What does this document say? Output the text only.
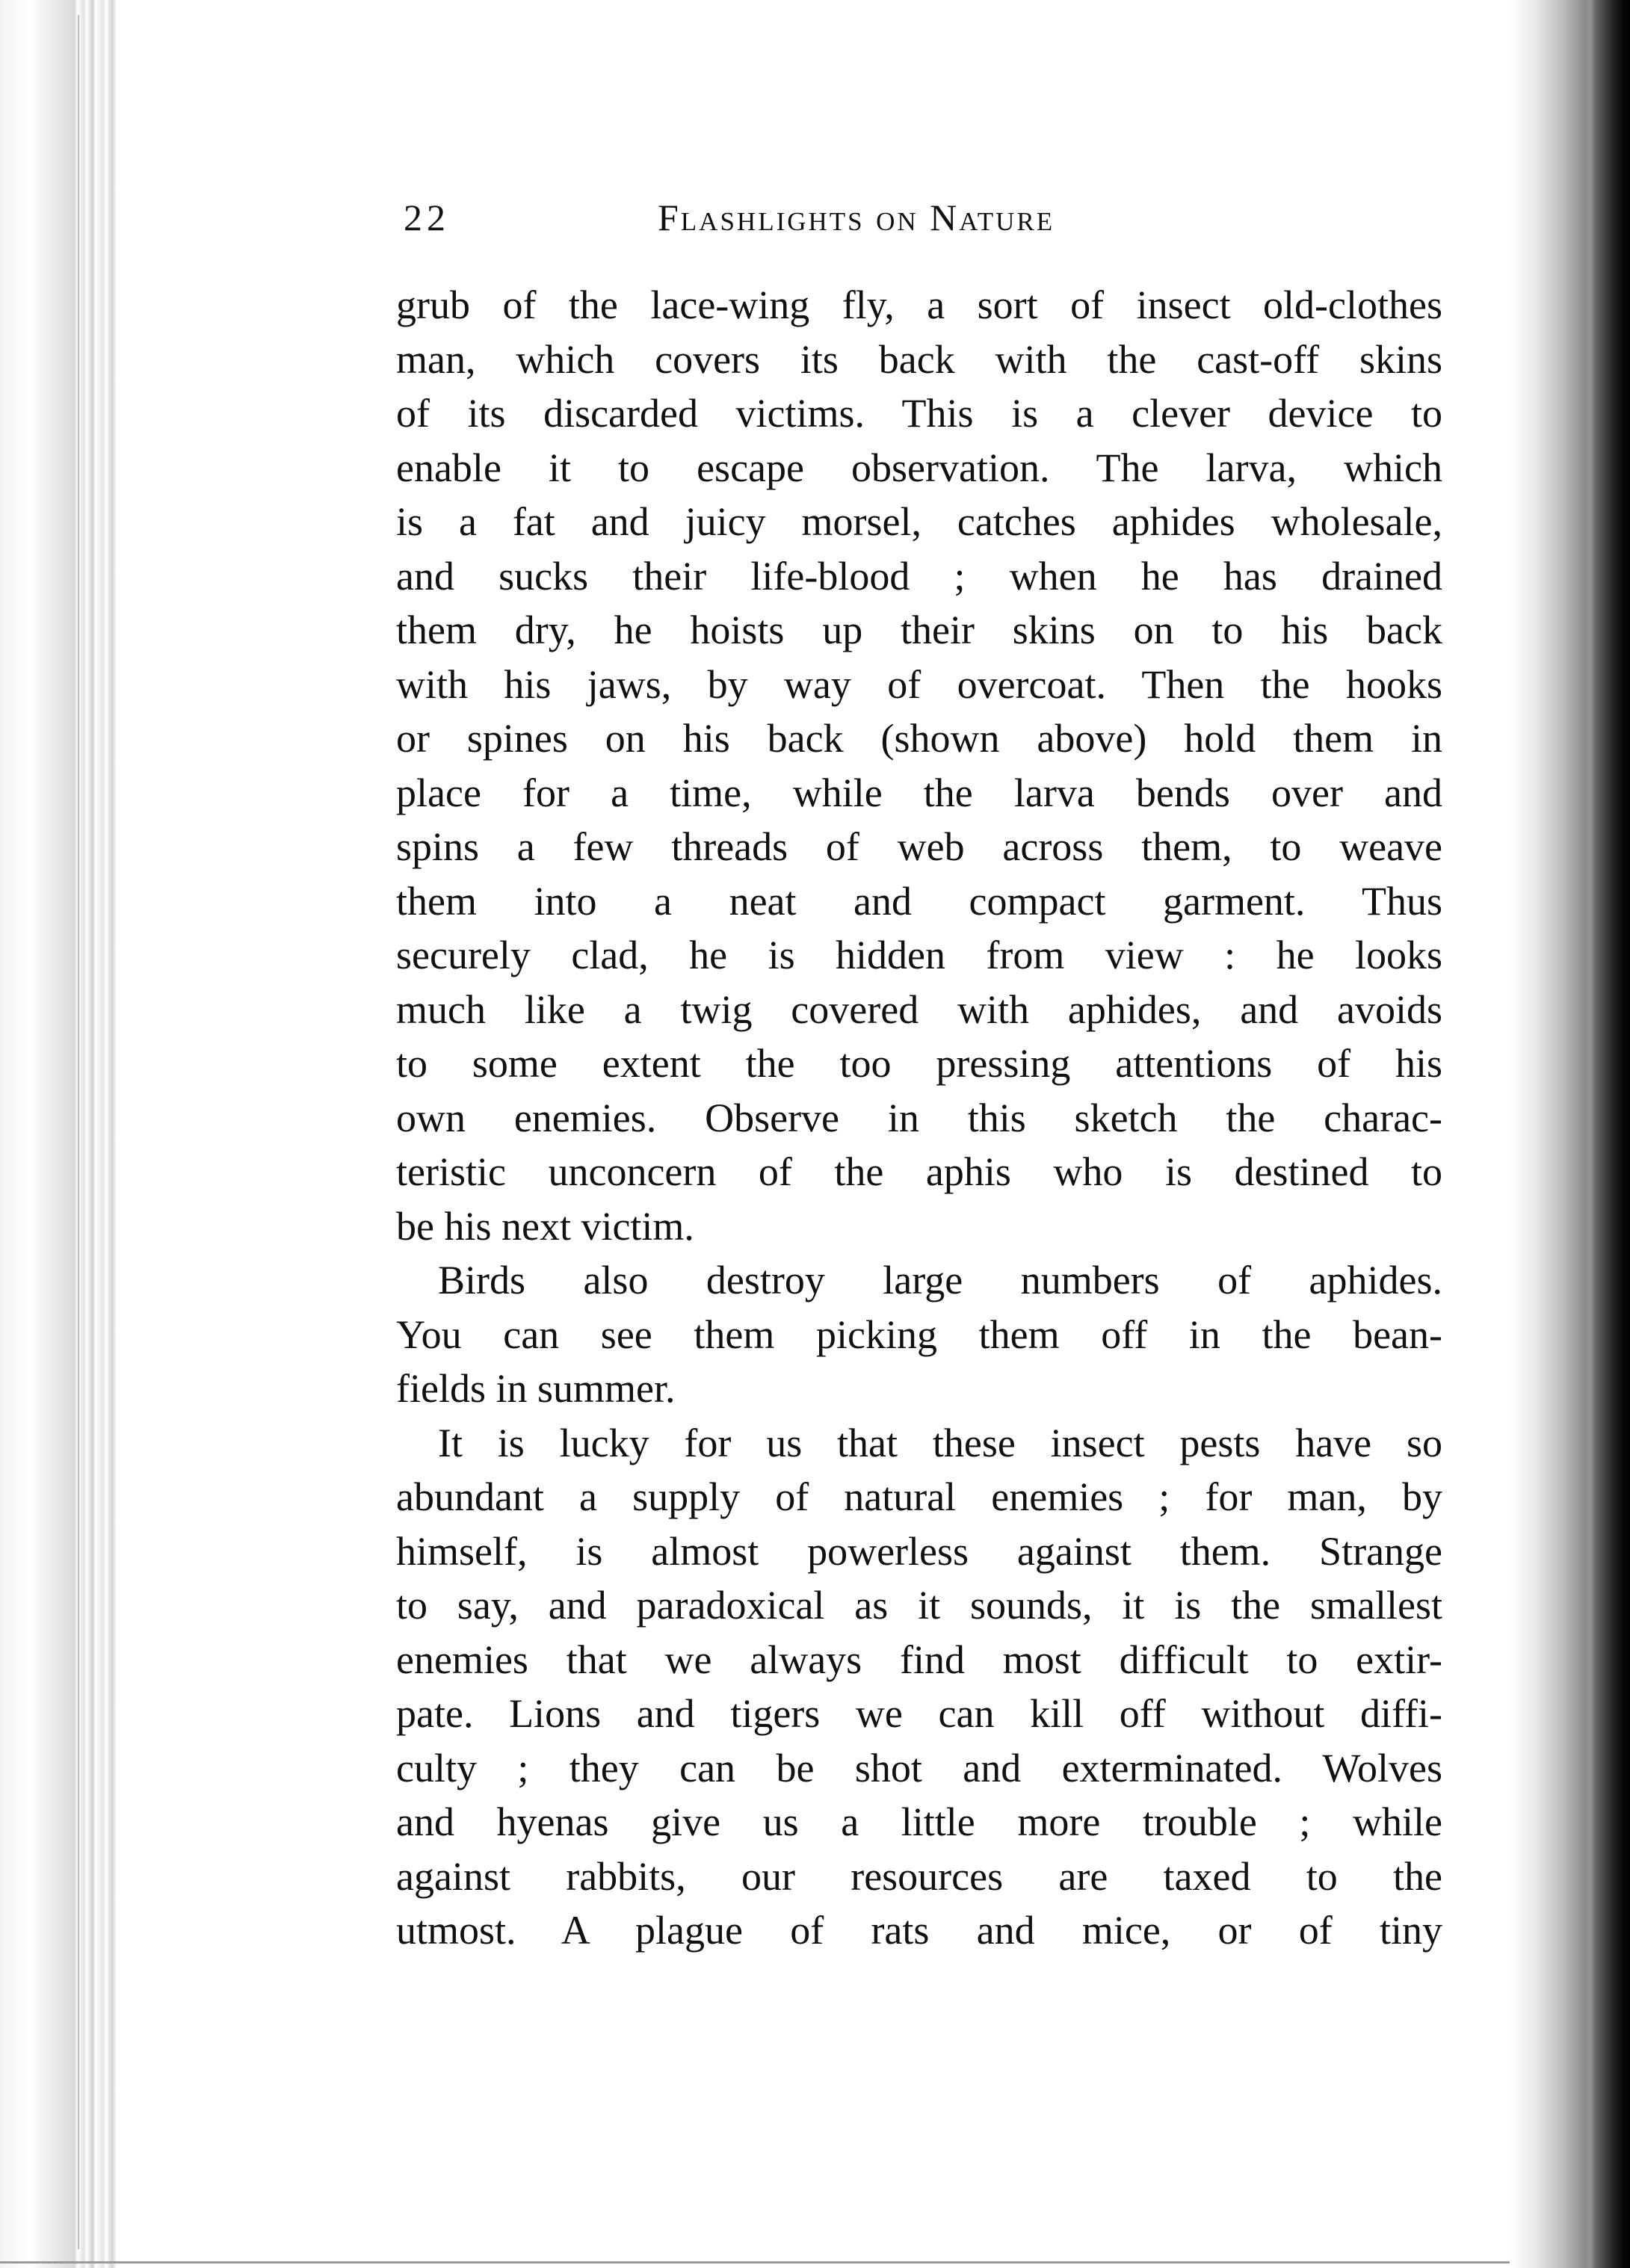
22	Flashlights on Nature
grub of the lace-wing fly, a sort of insect old-clothes
man, which covers its back with the cast-off skins
of its discarded victims. This is a clever device to
enable it to escape observation. The larva, which
is a fat and juicy morsel, catches aphides wholesale,
and sucks their life-blood ; when he has drained
them dry, he hoists up their skins on to his back
with his jaws, by way of overcoat. Then the hooks
or spines on his back (shown above) hold them in
place for a time, while the larva bends over and
spins a few threads of web across them, to weave
them into a neat and compact garment. Thus
securely clad, he is hidden from view : he looks
much like a twig covered with aphides, and avoids
to some extent the too pressing attentions of his
own enemies. Observe in this sketch the charac-
teristic unconcern of the aphis who is destined to
be his next victim.
Birds also destroy large numbers of aphides.
You can see them picking them off in the bean-
fields in summer.
It is lucky for us that these insect pests have so
abundant a supply of natural enemies ; for man, by
himself, is almost powerless against them. Strange
to say, and paradoxical as it sounds, it is the smallest
enemies that we always find most difficult to extir-
pate. Lions and tigers we can kill off without diffi-
culty ; they can be shot and exterminated. Wolves
and hyenas give us a little more trouble ; while
against rabbits, our resources are taxed to the
utmost. A plague of rats and mice, or of tiny
